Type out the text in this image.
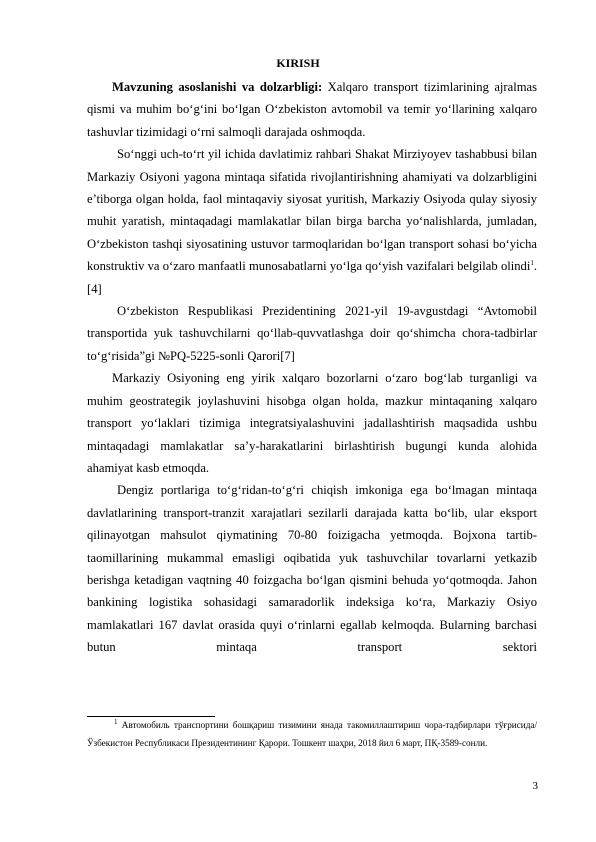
KIRISH

Mavzuning asoslanishi va dolzarbligi: Xalqaro transport tizimlarining ajralmas qismi va muhim bo‘g‘ini bo‘lgan O‘zbekiston avtomobil va temir yo‘llarining xalqaro tashuvlar tizimidagi o‘rni salmoqli darajada oshmoqda.

So‘nggi uch-to‘rt yil ichida davlatimiz rahbari Shakat Mirziyoyev tashabbusi bilan Markaziy Osiyoni yagona mintaqa sifatida rivojlantirishning ahamiyati va dolzarbligini e’tiborga olgan holda, faol mintaqaviy siyosat yuritish, Markaziy Osiyoda qulay siyosiy muhit yaratish, mintaqadagi mamlakatlar bilan birga barcha yo‘nalishlarda, jumladan, O‘zbekiston tashqi siyosatining ustuvor tarmoqlaridan bo‘lgan transport sohasi bo‘yicha konstruktiv va o‘zaro manfaatli munosabatlarni yo‘lga qo‘yish vazifalari belgilab olindi$^1$. [4]

O‘zbekiston Respublikasi Prezidentining 2021-yil 19-avgustdagi “Avtomobil transportida yuk tashuvchilarni qo‘llab-quvvatlashga doir qo‘shimcha chora-tadbirlar to‘g‘risida”gi №PQ-5225-sonli Qarori[7]

Markaziy Osiyoning eng yirik xalqaro bozorlarni o‘zaro bog‘lab turganligi va muhim geostrategik joylashuvini hisobga olgan holda, mazkur mintaqaning xalqaro transport yo‘laklari tizimiga integratsiyalashuvini jadallashtirish maqsadida ushbu mintaqadagi mamlakatlar sa’y-harakatlarini birlashtirish bugungi kunda alohida ahamiyat kasb etmoqda.

Dengiz portlariga to‘g‘ridan-to‘g‘ri chiqish imkoniga ega bo‘lmagan mintaqa davlatlarining transport-tranzit xarajatlari sezilarli darajada katta bo‘lib, ular eksport qilinayotgan mahsulot qiymatining 70-80 foizigacha yetmoqda. Bojxona tartib-taomillarining mukammal emasligi oqibatida yuk tashuvchilar tovarlarni yetkazib berishga ketadigan vaqtning 40 foizgacha bo‘lgan qismini behuda yo‘qotmoqda. Jahon bankining logistika sohasidagi samaradorlik indeksiga ko‘ra, Markaziy Osiyo mamlakatlari 167 davlat orasida quyi o‘rinlarni egallab kelmoqda. Bularning barchasi butun mintaqa transport sektori

$^1$ Автомобиль транспортини бошқариш тизимини янада такомиллаштириш чора-тадбирлари тўғрисида/ Ўзбекистон Республикаси Президентининг Қарори. Тошкент шаҳри, 2018 йил 6 март, ПҚ-3589-сонли.

3
